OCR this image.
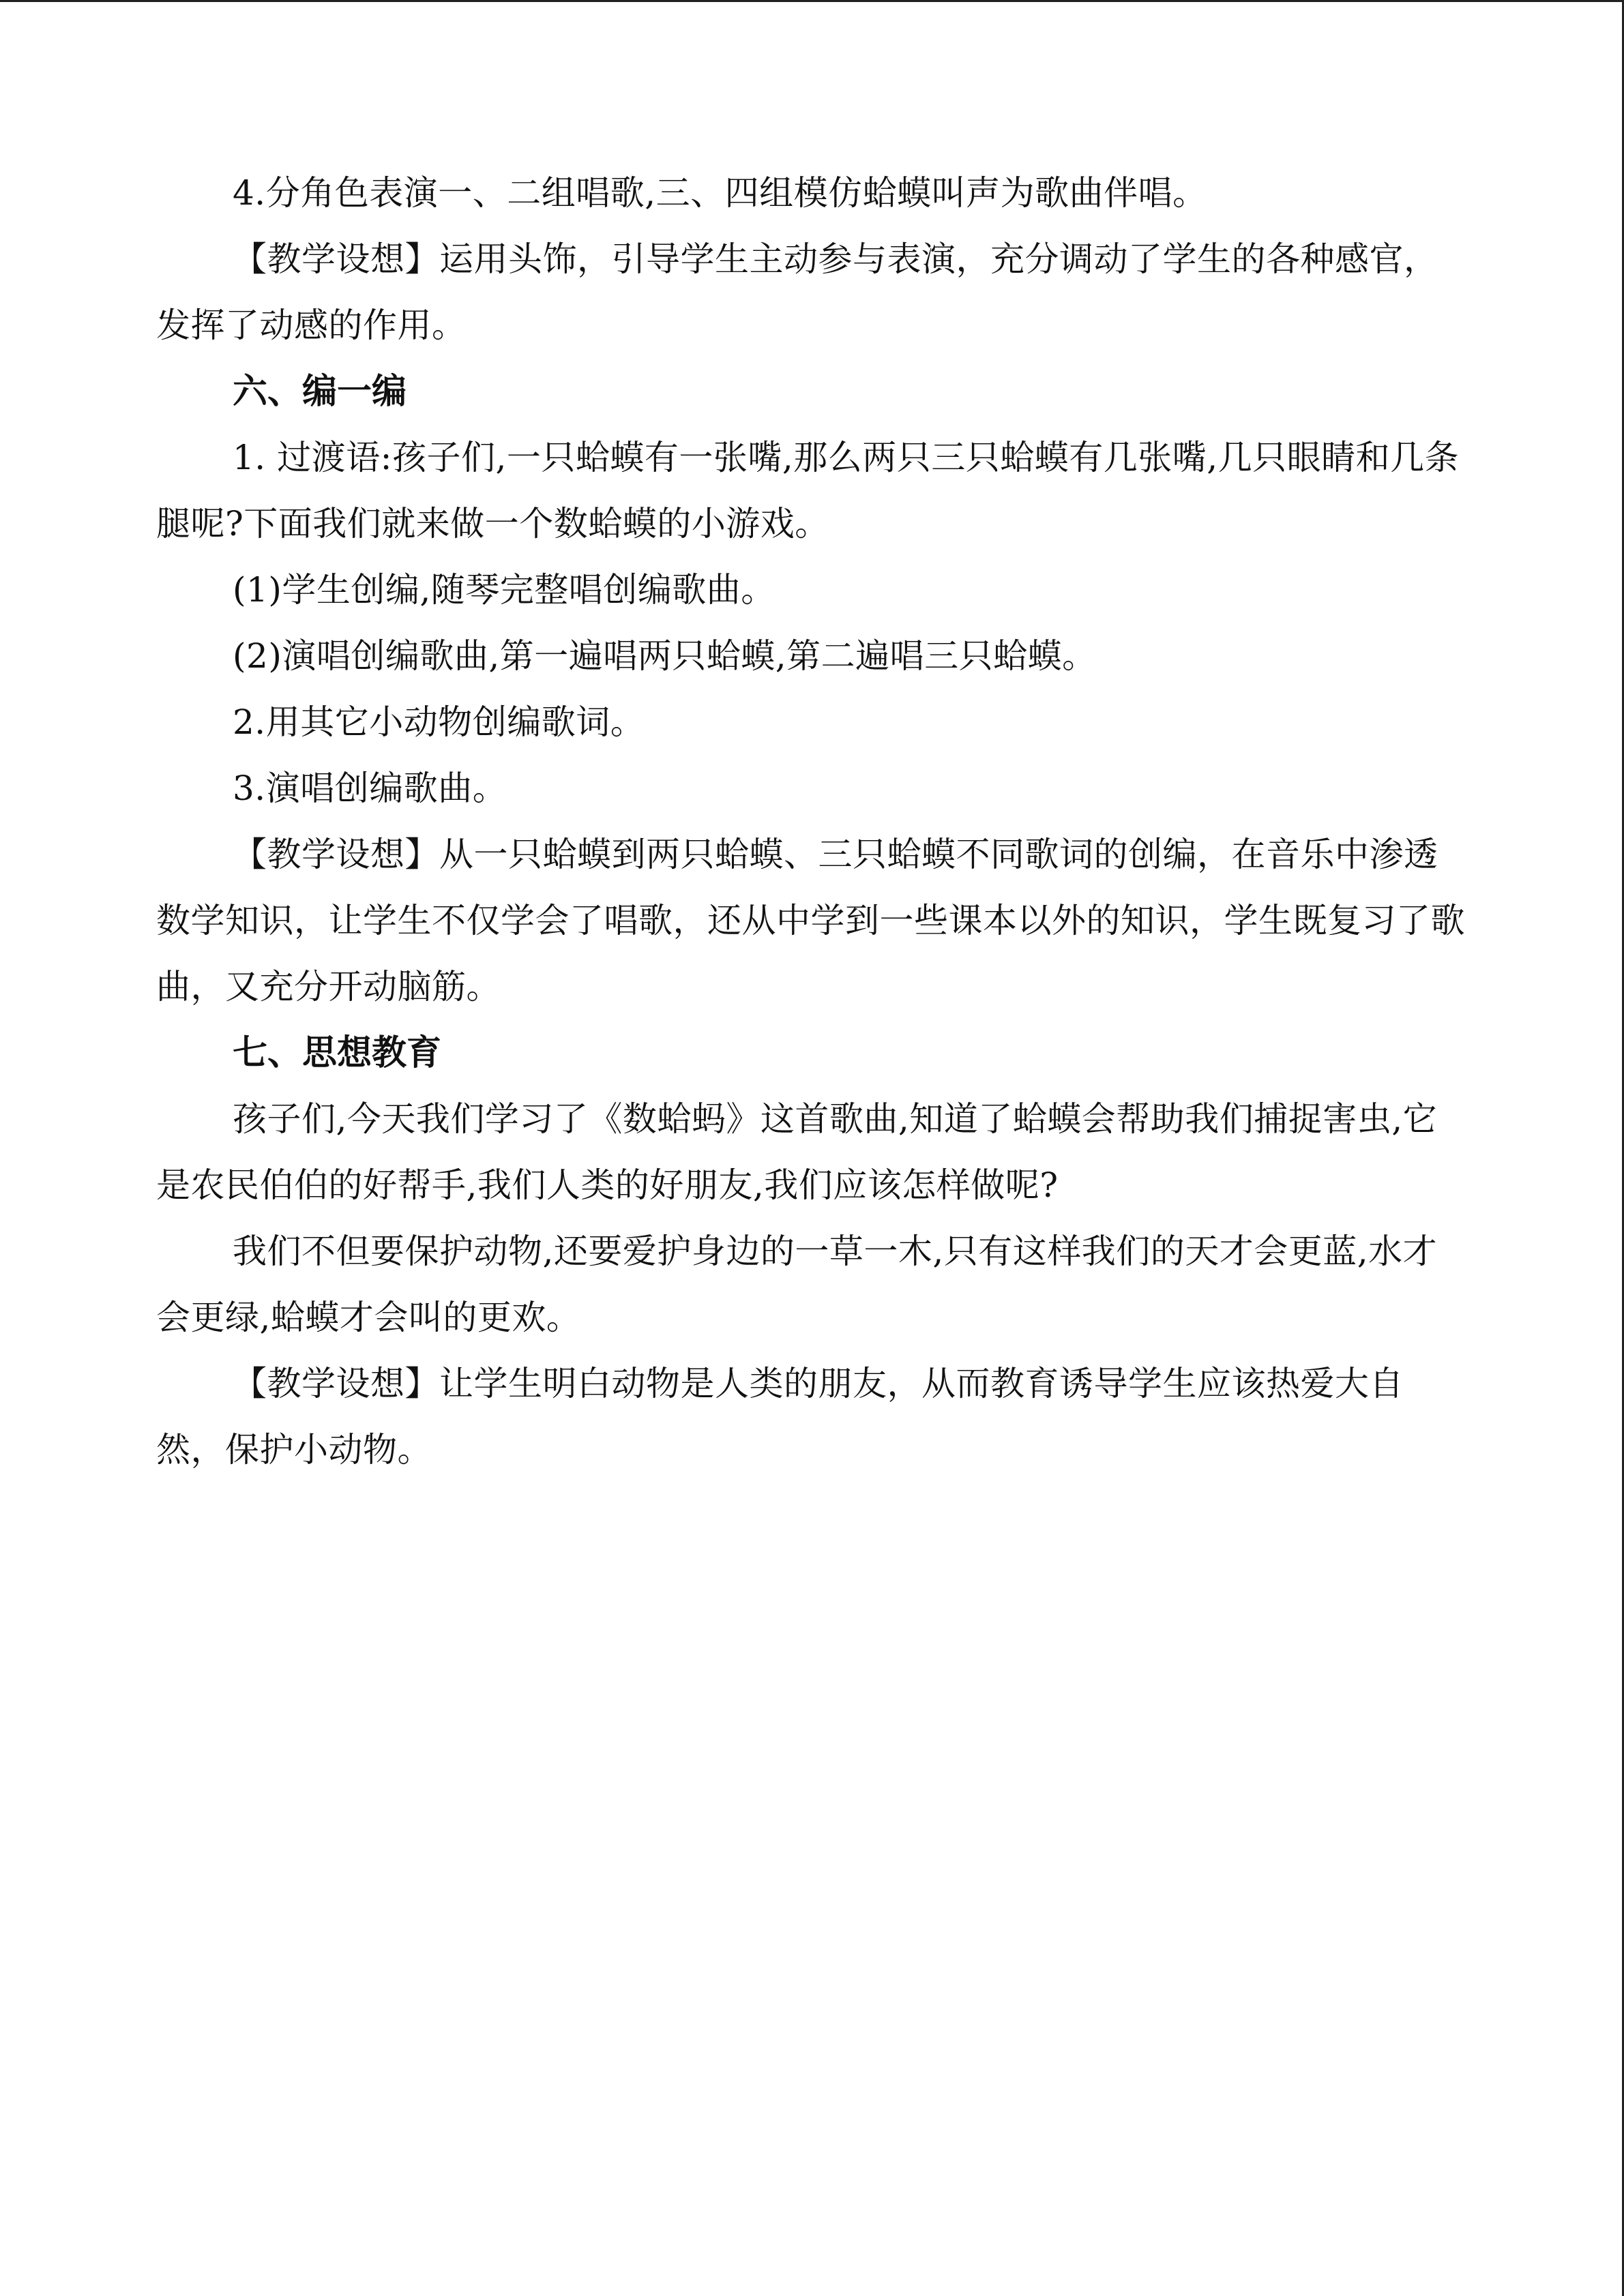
4.分角色表演一、二组唱歌,三、四组模仿蛤蟆叫声为歌曲伴唱。

【教学设想】运用头饰，引导学生主动参与表演，充分调动了学生的各种感官，发挥了动感的作用。

六、编一编

1. 过渡语:孩子们,一只蛤蟆有一张嘴,那么两只三只蛤蟆有几张嘴,几只眼睛和几条腿呢?下面我们就来做一个数蛤蟆的小游戏。

(1)学生创编,随琴完整唱创编歌曲。

(2)演唱创编歌曲,第一遍唱两只蛤蟆,第二遍唱三只蛤蟆。

2.用其它小动物创编歌词。

3.演唱创编歌曲。

【教学设想】从一只蛤蟆到两只蛤蟆、三只蛤蟆不同歌词的创编，在音乐中渗透数学知识，让学生不仅学会了唱歌，还从中学到一些课本以外的知识，学生既复习了歌曲，又充分开动脑筋。

七、思想教育

孩子们,今天我们学习了《数蛤蚂》这首歌曲,知道了蛤蟆会帮助我们捕捉害虫,它是农民伯伯的好帮手,我们人类的好朋友,我们应该怎样做呢?

我们不但要保护动物,还要爱护身边的一草一木,只有这样我们的天才会更蓝,水才会更绿,蛤蟆才会叫的更欢。

【教学设想】让学生明白动物是人类的朋友，从而教育诱导学生应该热爱大自然，保护小动物。
